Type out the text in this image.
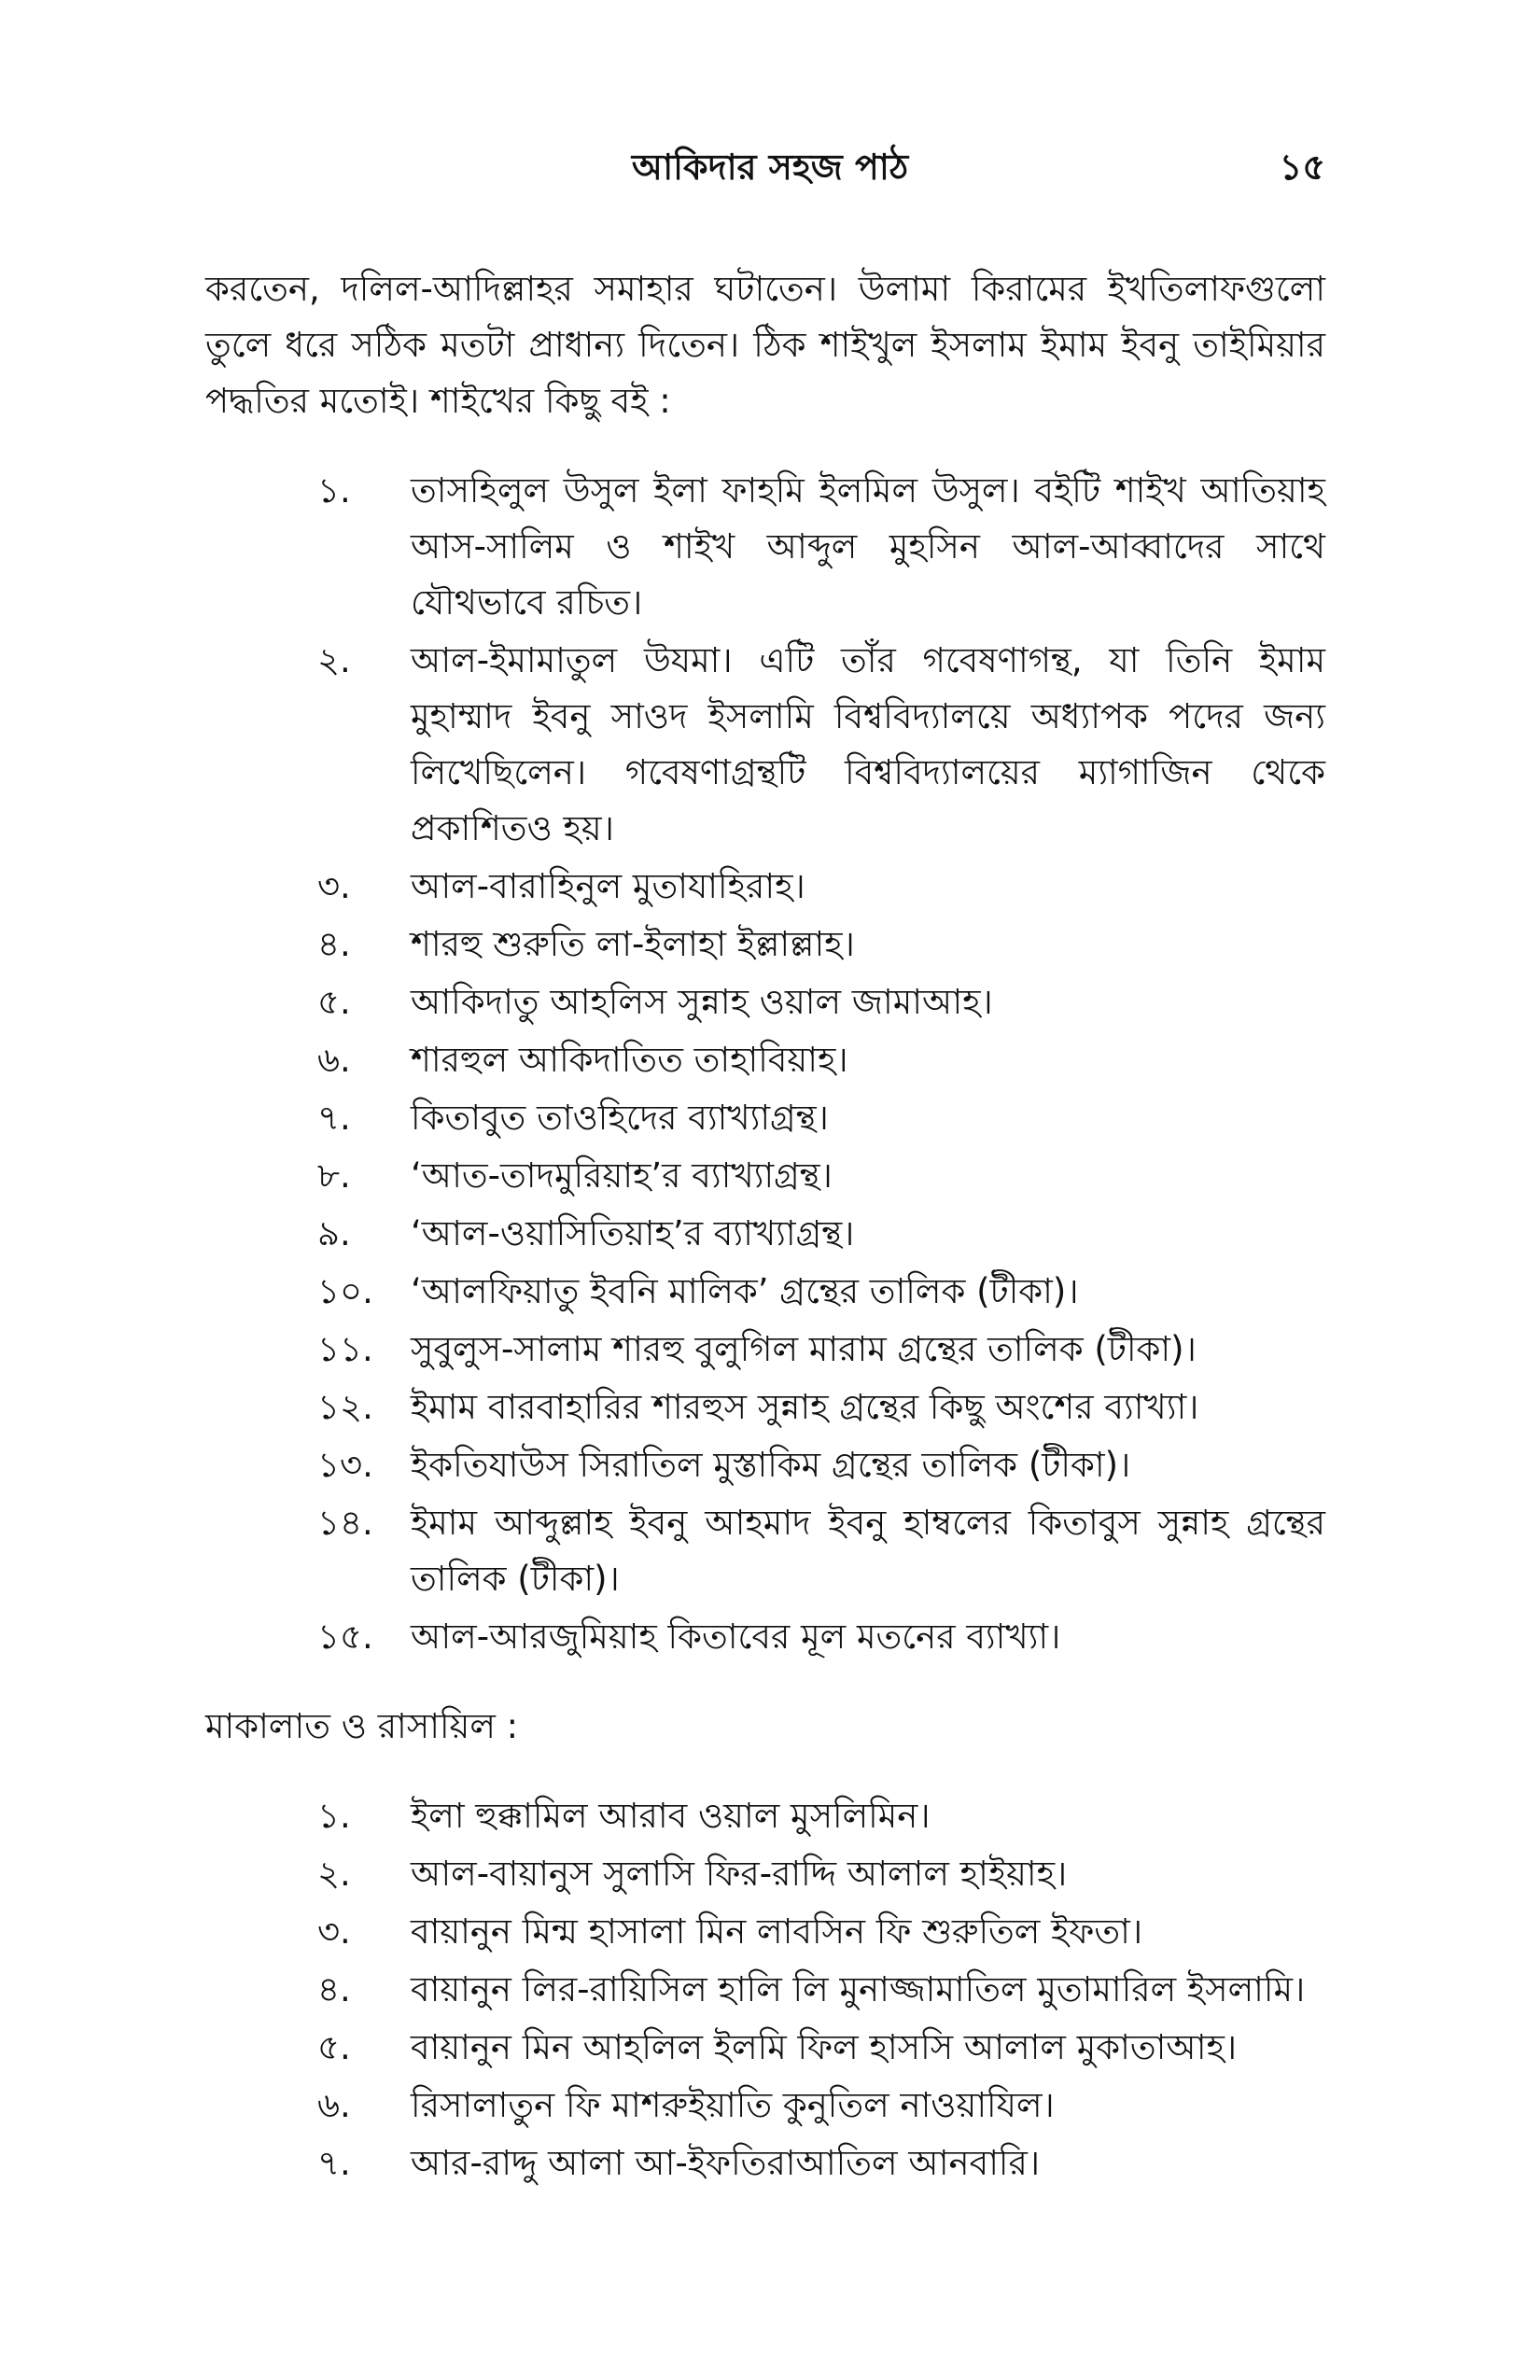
আকিদার সহজ পাঠ	১৫

করতেন, দলিল-আদিল্লাহর সমাহার ঘটাতেন। উলামা কিরামের ইখতিলাফগুলো তুলে ধরে সঠিক মতটা প্রাধান্য দিতেন। ঠিক শাইখুল ইসলাম ইমাম ইবনু তাইমিয়ার পদ্ধতির মতোই। শাইখের কিছু বই :

১.	তাসহিলুল উসুল ইলা ফাহমি ইলমিল উসুল। বইটি শাইখ আতিয়াহ আস-সালিম ও শাইখ আব্দুল মুহসিন আল-আব্বাদের সাথে যৌথভাবে রচিত।
২.	আল-ইমামাতুল উযমা। এটি তাঁর গবেষণাগন্থ, যা তিনি ইমাম মুহাম্মাদ ইবনু সাওদ ইসলামি বিশ্ববিদ্যালয়ে অধ্যাপক পদের জন্য লিখেছিলেন। গবেষণাগ্রন্থটি বিশ্ববিদ্যালয়ের ম্যাগাজিন থেকে প্রকাশিতও হয়।
৩.	আল-বারাহিনুল মুতাযাহিরাহ।
৪.	শারহু শুরুতি লা-ইলাহা ইল্লাল্লাহ।
৫.	আকিদাতু আহলিস সুন্নাহ ওয়াল জামাআহ।
৬.	শারহুল আকিদাতিত তাহাবিয়াহ।
৭.	কিতাবুত তাওহিদের ব্যাখ্যাগ্রন্থ।
৮.	‘আত-তাদমুরিয়াহ’র ব্যাখ্যাগ্রন্থ।
৯.	‘আল-ওয়াসিতিয়াহ’র ব্যাখ্যাগ্রন্থ।
১০.	‘আলফিয়াতু ইবনি মালিক’ গ্রন্থের তালিক (টীকা)।
১১.	সুবুলুস-সালাম শারহু বুলুগিল মারাম গ্রন্থের তালিক (টীকা)।
১২.	ইমাম বারবাহারির শারহুস সুন্নাহ গ্রন্থের কিছু অংশের ব্যাখ্যা।
১৩.	ইকতিযাউস সিরাতিল মুস্তাকিম গ্রন্থের তালিক (টীকা)।
১৪.	ইমাম আব্দুল্লাহ ইবনু আহমাদ ইবনু হাম্বলের কিতাবুস সুন্নাহ গ্রন্থের তালিক (টীকা)।
১৫.	আল-আরজুমিয়াহ কিতাবের মূল মতনের ব্যাখ্যা।

মাকালাত ও রাসায়িল :

১.	ইলা হুক্কামিল আরাব ওয়াল মুসলিমিন।
২.	আল-বায়ানুস সুলাসি ফির-রাদ্দি আলাল হাইয়াহ।
৩.	বায়ানুন মিন্ম হাসালা মিন লাবসিন ফি শুরুতিল ইফতা।
৪.	বায়ানুন লির-রায়িসিল হালি লি মুনাজ্জামাতিল মুতামারিল ইসলামি।
৫.	বায়ানুন মিন আহলিল ইলমি ফিল হাসসি আলাল মুকাতাআহ।
৬.	রিসালাতুন ফি মাশরুইয়াতি কুনুতিল নাওয়াযিল।
৭.	আর-রাদ্দু আলা আ-ইফতিরাআতিল আনবারি।
